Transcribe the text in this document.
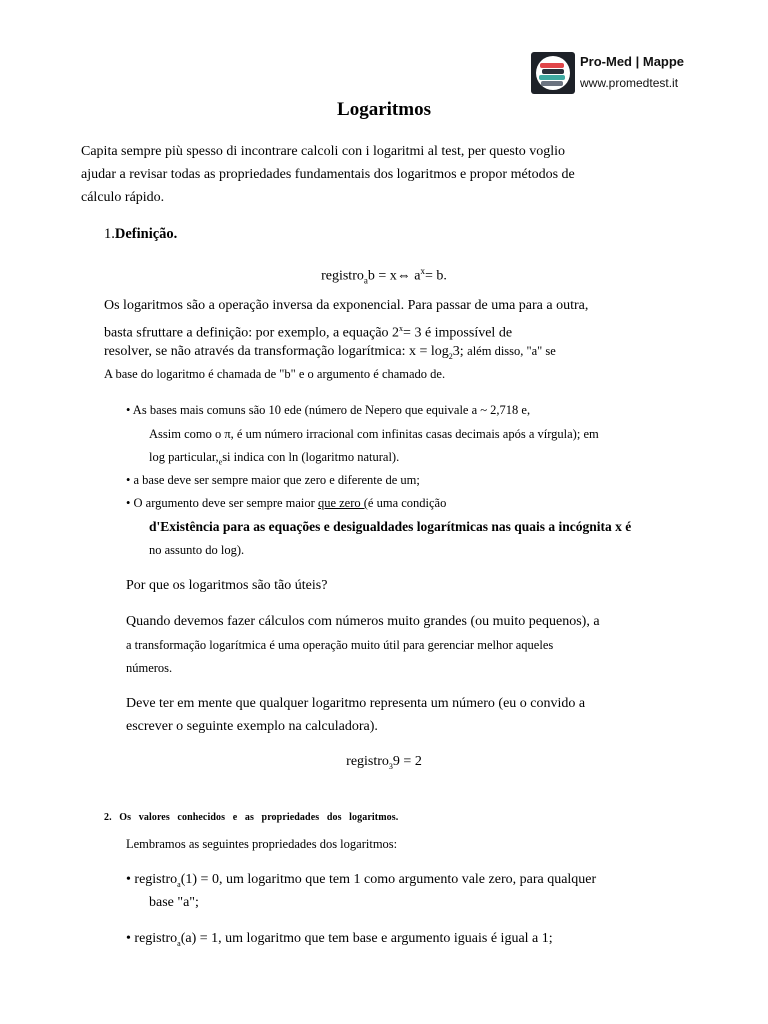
Pro-Med | Mappe
www.promedtest.it
Logaritmos
Capita sempre più spesso di incontrare calcoli con i logaritmi al test, per questo voglio
ajudar a revisar todas as propriedades fundamentais dos logaritmos e propor métodos de
cálculo rápido.
1.Definição.
registro$_a$b = x⇔ $a^x= b$.
Os logaritmos são a operação inversa da exponencial. Para passar de uma para a outra,
basta sfruttare a definição: por exemplo, a equação $2^x= 3$ é impossível de
resolver, se não através da transformação logarítmica: $x = \log_23$; além disso, "a" se
A base do logaritmo é chamada de "b" e o argumento é chamado de.
• As bases mais comuns são 10 ede (número de Nepero que equivale a ~ 2,718 e,
Assim como o π, é um número irracional com infinitas casas decimais após a vírgula); em
$\log particular,_esi$ indica con ln (logaritmo natural).
• a base deve ser sempre maior que zero e diferente de um;
• O argumento deve ser sempre maior que zero (é uma condição
d'Existência para as equações e desigualdades logarítmicas nas quais a incógnita x é
no assunto do log).
Por que os logaritmos são tão úteis?
Quando devemos fazer cálculos com números muito grandes (ou muito pequenos), a
a transformação logarítmica é uma operação muito útil para gerenciar melhor aqueles
números.
Deve ter em mente que qualquer logaritmo representa um número (eu o convido a
escrever o seguinte exemplo na calculadora).
registro$_3$9 = 2
2. Os valores conhecidos e as propriedades dos logaritmos.
Lembramos as seguintes propriedades dos logaritmos:
• registro$_a$(1) = 0, um logaritmo que tem 1 como argumento vale zero, para qualquer
base "a";
• registro$_a$(a) = 1, um logaritmo que tem base e argumento iguais é igual a 1;
